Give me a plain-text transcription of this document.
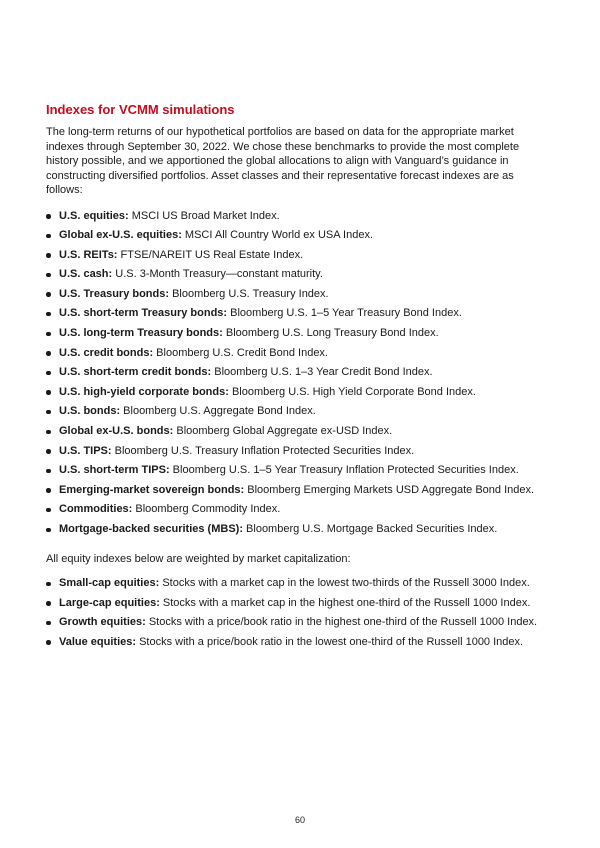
Indexes for VCMM simulations

The long-term returns of our hypothetical portfolios are based on data for the appropriate market indexes through September 30, 2022. We chose these benchmarks to provide the most complete history possible, and we apportioned the global allocations to align with Vanguard’s guidance in constructing diversified portfolios. Asset classes and their representative forecast indexes are as follows:

U.S. equities: MSCI US Broad Market Index.
Global ex-U.S. equities: MSCI All Country World ex USA Index.
U.S. REITs: FTSE/NAREIT US Real Estate Index.
U.S. cash: U.S. 3-Month Treasury—constant maturity.
U.S. Treasury bonds: Bloomberg U.S. Treasury Index.
U.S. short-term Treasury bonds: Bloomberg U.S. 1–5 Year Treasury Bond Index.
U.S. long-term Treasury bonds: Bloomberg U.S. Long Treasury Bond Index.
U.S. credit bonds: Bloomberg U.S. Credit Bond Index.
U.S. short-term credit bonds: Bloomberg U.S. 1–3 Year Credit Bond Index.
U.S. high-yield corporate bonds: Bloomberg U.S. High Yield Corporate Bond Index.
U.S. bonds: Bloomberg U.S. Aggregate Bond Index.
Global ex-U.S. bonds: Bloomberg Global Aggregate ex-USD Index.
U.S. TIPS: Bloomberg U.S. Treasury Inflation Protected Securities Index.
U.S. short-term TIPS: Bloomberg U.S. 1–5 Year Treasury Inflation Protected Securities Index.
Emerging-market sovereign bonds: Bloomberg Emerging Markets USD Aggregate Bond Index.
Commodities: Bloomberg Commodity Index.
Mortgage-backed securities (MBS): Bloomberg U.S. Mortgage Backed Securities Index.

All equity indexes below are weighted by market capitalization:

Small-cap equities: Stocks with a market cap in the lowest two-thirds of the Russell 3000 Index.
Large-cap equities: Stocks with a market cap in the highest one-third of the Russell 1000 Index.
Growth equities: Stocks with a price/book ratio in the highest one-third of the Russell 1000 Index.
Value equities: Stocks with a price/book ratio in the lowest one-third of the Russell 1000 Index.
60
